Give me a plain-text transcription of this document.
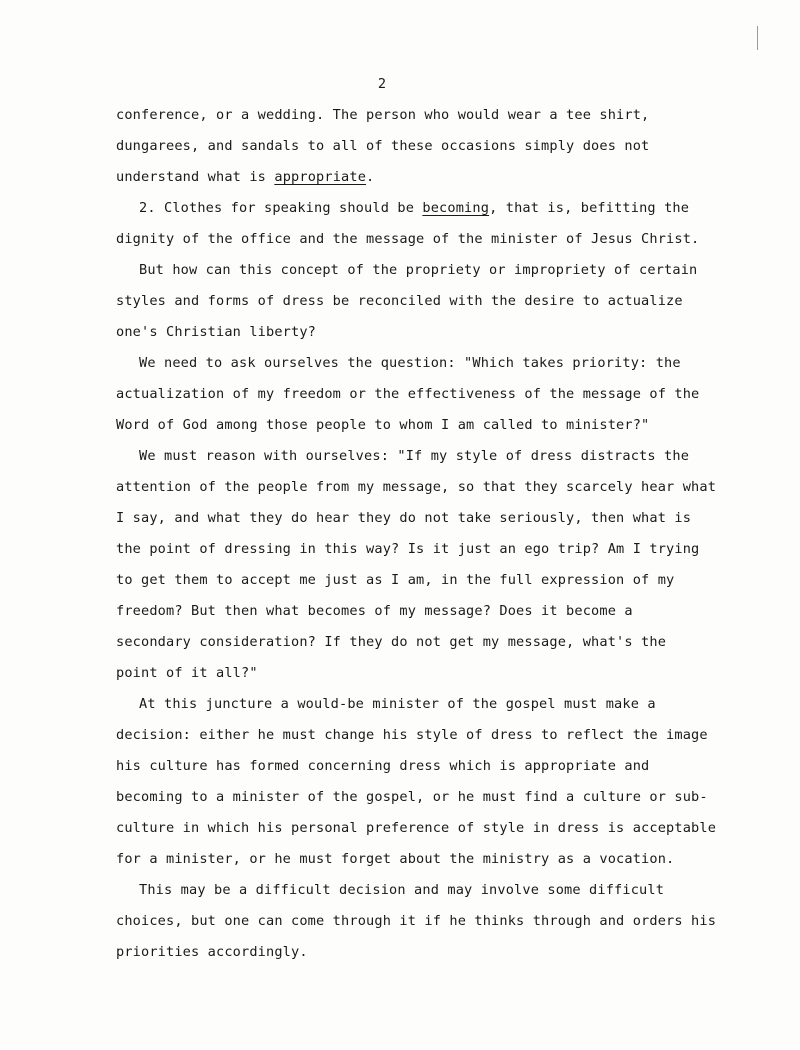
2
conference, or a wedding. The person who would wear a tee shirt,
dungarees, and sandals to all of these occasions simply does not
understand what is appropriate.
2. Clothes for speaking should be becoming, that is, befitting the
dignity of the office and the message of the minister of Jesus Christ.
But how can this concept of the propriety or impropriety of certain
styles and forms of dress be reconciled with the desire to actualize
one's Christian liberty?
We need to ask ourselves the question: "Which takes priority: the
actualization of my freedom or the effectiveness of the message of the
Word of God among those people to whom I am called to minister?"
We must reason with ourselves: "If my style of dress distracts the
attention of the people from my message, so that they scarcely hear what
I say, and what they do hear they do not take seriously, then what is
the point of dressing in this way? Is it just an ego trip? Am I trying
to get them to accept me just as I am, in the full expression of my
freedom? But then what becomes of my message? Does it become a
secondary consideration? If they do not get my message, what's the
point of it all?"
At this juncture a would-be minister of the gospel must make a
decision: either he must change his style of dress to reflect the image
his culture has formed concerning dress which is appropriate and
becoming to a minister of the gospel, or he must find a culture or sub-
culture in which his personal preference of style in dress is acceptable
for a minister, or he must forget about the ministry as a vocation.
This may be a difficult decision and may involve some difficult
choices, but one can come through it if he thinks through and orders his
priorities accordingly.
